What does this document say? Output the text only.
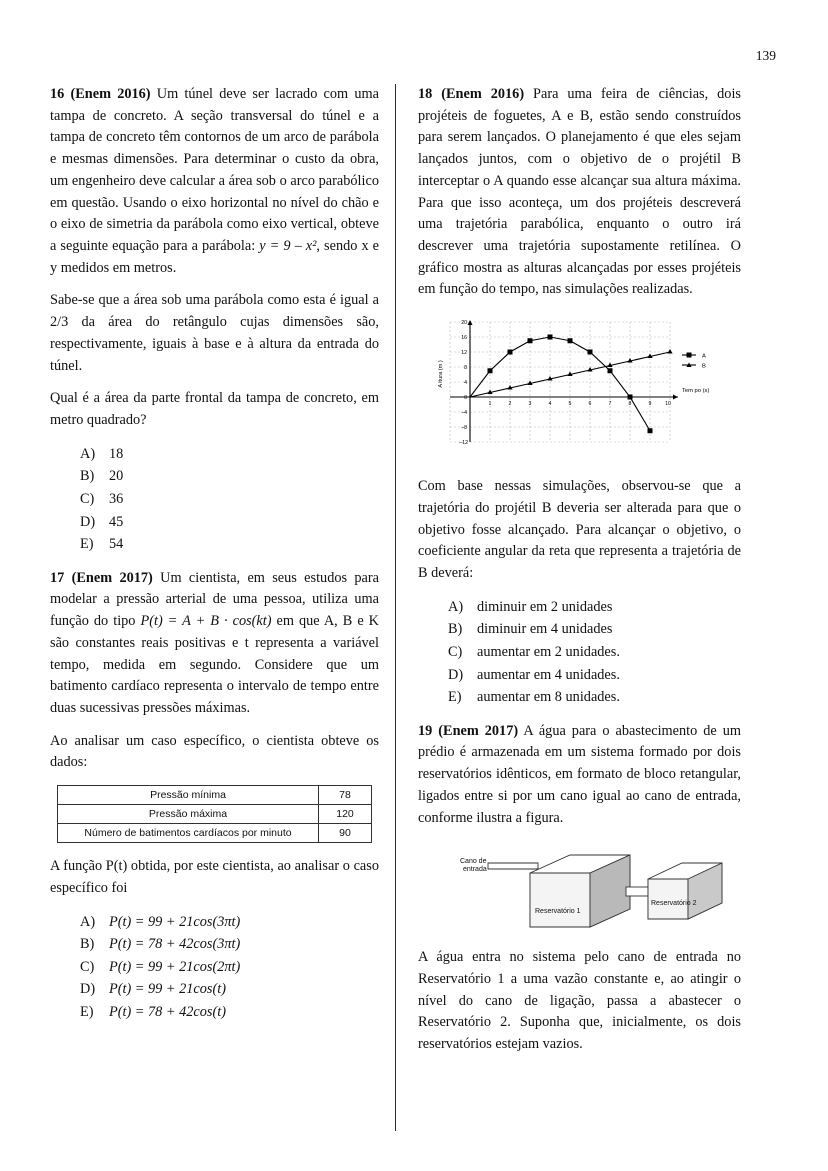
139

16 (Enem 2016) Um túnel deve ser lacrado com uma tampa de concreto. A seção transversal do túnel e a tampa de concreto têm contornos de um arco de parábola e mesmas dimensões. Para determinar o custo da obra, um engenheiro deve calcular a área sob o arco parabólico em questão. Usando o eixo horizontal no nível do chão e o eixo de simetria da parábola como eixo vertical, obteve a seguinte equação para a parábola: y = 9 – x², sendo x e y medidos em metros.

Sabe-se que a área sob uma parábola como esta é igual a 2/3 da área do retângulo cujas dimensões são, respectivamente, iguais à base e à altura da entrada do túnel.

Qual é a área da parte frontal da tampa de concreto, em metro quadrado?

A) 18
B)	20
C)	36
D) 45
E)	54

17 (Enem 2017) Um cientista, em seus estudos para modelar a pressão arterial de uma pessoa, utiliza uma função do tipo P(t) = A + B · cos(kt) em que A, B e K são constantes reais positivas e t representa a variável tempo, medida em segundo. Considere que um batimento cardíaco representa o intervalo de tempo entre duas sucessivas pressões máximas.

Ao analisar um caso específico, o cientista obteve os dados:

Pressão mínima	78
Pressão máxima	120
Número de batimentos cardíacos por minuto	90

A função P(t) obtida, por este cientista, ao analisar o caso específico foi

A) P(t) = 99 + 21cos(3πt)
B)	P(t) = 78 + 42cos(3πt)
C)	P(t) = 99 + 21cos(2πt)
D) P(t) = 99 + 21cos(t)
E)	P(t) = 78 + 42cos(t)

18 (Enem 2016) Para uma feira de ciências, dois projéteis de foguetes, A e B, estão sendo construídos para serem lançados. O planejamento é que eles sejam lançados juntos, com o objetivo de o projétil B interceptar o A quando esse alcançar sua altura máxima. Para que isso aconteça, um dos projéteis descreverá uma trajetória parabólica, enquanto o outro irá descrever uma trajetória supostamente retilínea. O gráfico mostra as alturas alcançadas por esses projéteis em função do tempo, nas simulações realizadas.

20
16
12
8
4
0
–4
–8
–12
1	2	3	4	5	6	7	8	9	10
A ltura (m )
Tem po (s)
A
B

Com base nessas simulações, observou-se que a trajetória do projétil B deveria ser alterada para que o objetivo fosse alcançado. Para alcançar o objetivo, o coeficiente angular da reta que representa a trajetória de B deverá:

A) diminuir em 2 unidades
B)	diminuir em 4 unidades
C)	aumentar em 2 unidades.
D) aumentar em 4 unidades.
E)	aumentar em 8 unidades.

19 (Enem 2017) A água para o abastecimento de um prédio é armazenada em um sistema formado por dois reservatórios idênticos, em formato de bloco retangular, ligados entre si por um cano igual ao cano de entrada, conforme ilustra a figura.

Cano de
entrada
Reservatório 1
Reservatório 2

A água entra no sistema pelo cano de entrada no Reservatório 1 a uma vazão constante e, ao atingir o nível do cano de ligação, passa a abastecer o Reservatório 2. Suponha que, inicialmente, os dois reservatórios estejam vazios.
